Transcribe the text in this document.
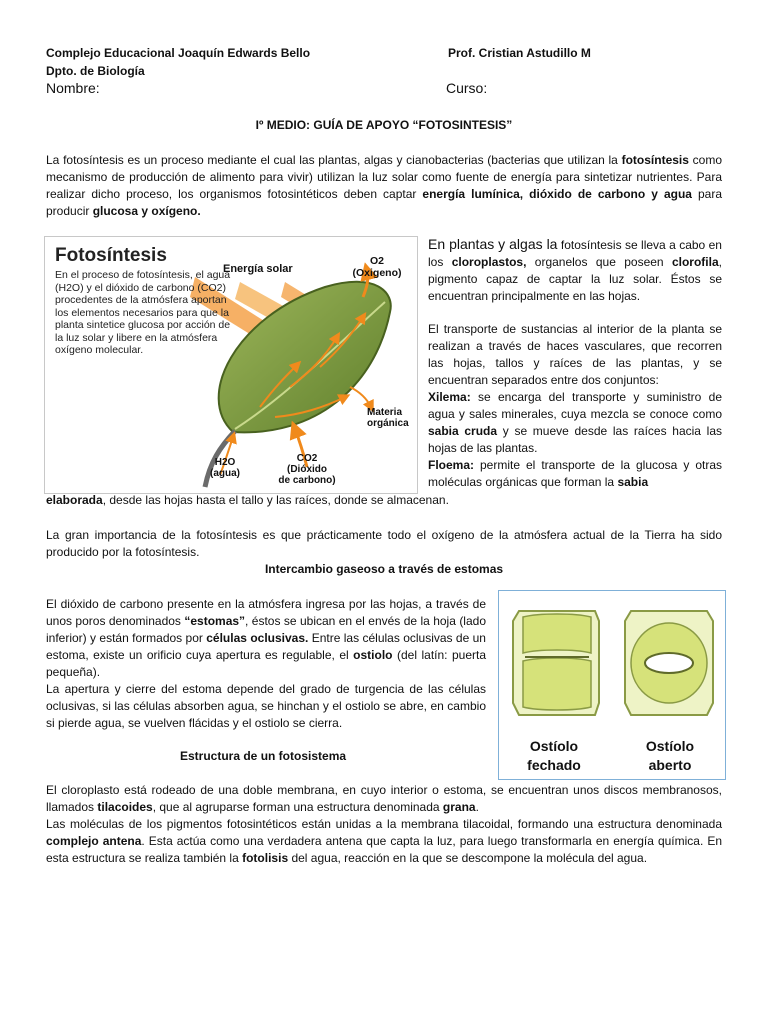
Complejo Educacional Joaquín Edwards Bello	Prof. Cristian Astudillo M
Dpto. de Biología
Nombre:	Curso:
Iº MEDIO: GUÍA DE APOYO “FOTOSINTESIS”
La fotosíntesis es un proceso mediante el cual las plantas, algas y cianobacterias (bacterias que utilizan la fotosíntesis como mecanismo de producción de alimento para vivir) utilizan la luz solar como fuente de energía para sintetizar nutrientes. Para realizar dicho proceso, los organismos fotosintéticos deben captar energía lumínica, dióxido de carbono y agua para producir glucosa y oxígeno.
Fotosíntesis
En el proceso de fotosíntesis, el agua (H2O) y el dióxido de carbono (CO2) procedentes de la atmósfera aportan los elementos necesarios para que la planta sintetice glucosa por acción de la luz solar y libere en la atmósfera oxígeno molecular.
Energía solar
O2
(Oxigeno)
Materia
orgánica
H2O
(agua)
CO2
(Dióxido
de carbono)
En plantas y algas la fotosíntesis se lleva a cabo en los cloroplastos, organelos que poseen clorofila, pigmento capaz de captar la luz solar. Éstos se encuentran principalmente en las hojas.
El transporte de sustancias al interior de la planta se realizan a través de haces vasculares, que recorren las hojas, tallos y raíces de las plantas, y se encuentran separados entre dos conjuntos:
Xilema: se encarga del transporte y suministro de agua y sales minerales, cuya mezcla se conoce como sabia cruda y se mueve desde las raíces hacia las hojas de las plantas.
Floema: permite el transporte de la glucosa y otras moléculas orgánicas que forman la sabia
elaborada, desde las hojas hasta el tallo y las raíces, donde se almacenan.
La gran importancia de la fotosíntesis es que prácticamente todo el oxígeno de la atmósfera actual de la Tierra ha sido producido por la fotosíntesis.
Intercambio gaseoso a través de estomas
El dióxido de carbono presente en la atmósfera ingresa por las hojas, a través de unos poros denominados “estomas”, éstos se ubican en el envés de la hoja (lado inferior) y están formados por células oclusivas. Entre las células oclusivas de un estoma, existe un orificio cuya apertura es regulable, el ostiolo (del latín: puerta pequeña).
La apertura y cierre del estoma depende del grado de turgencia de las células oclusivas, si las células absorben agua, se hinchan y el ostiolo se abre, en cambio si pierde agua, se vuelven flácidas y el ostiolo se cierra.
Ostíolo
fechado
Ostíolo
aberto
Estructura de un fotosistema
El cloroplasto está rodeado de una doble membrana, en cuyo interior o estoma, se encuentran unos discos membranosos, llamados tilacoides, que al agruparse forman una estructura denominada grana.
Las moléculas de los pigmentos fotosintéticos están unidas a la membrana tilacoidal, formando una estructura denominada complejo antena. Esta actúa como una verdadera antena que capta la luz, para luego transformarla en energía química. En esta estructura se realiza también la fotolisis del agua, reacción en la que se descompone la molécula del agua.
